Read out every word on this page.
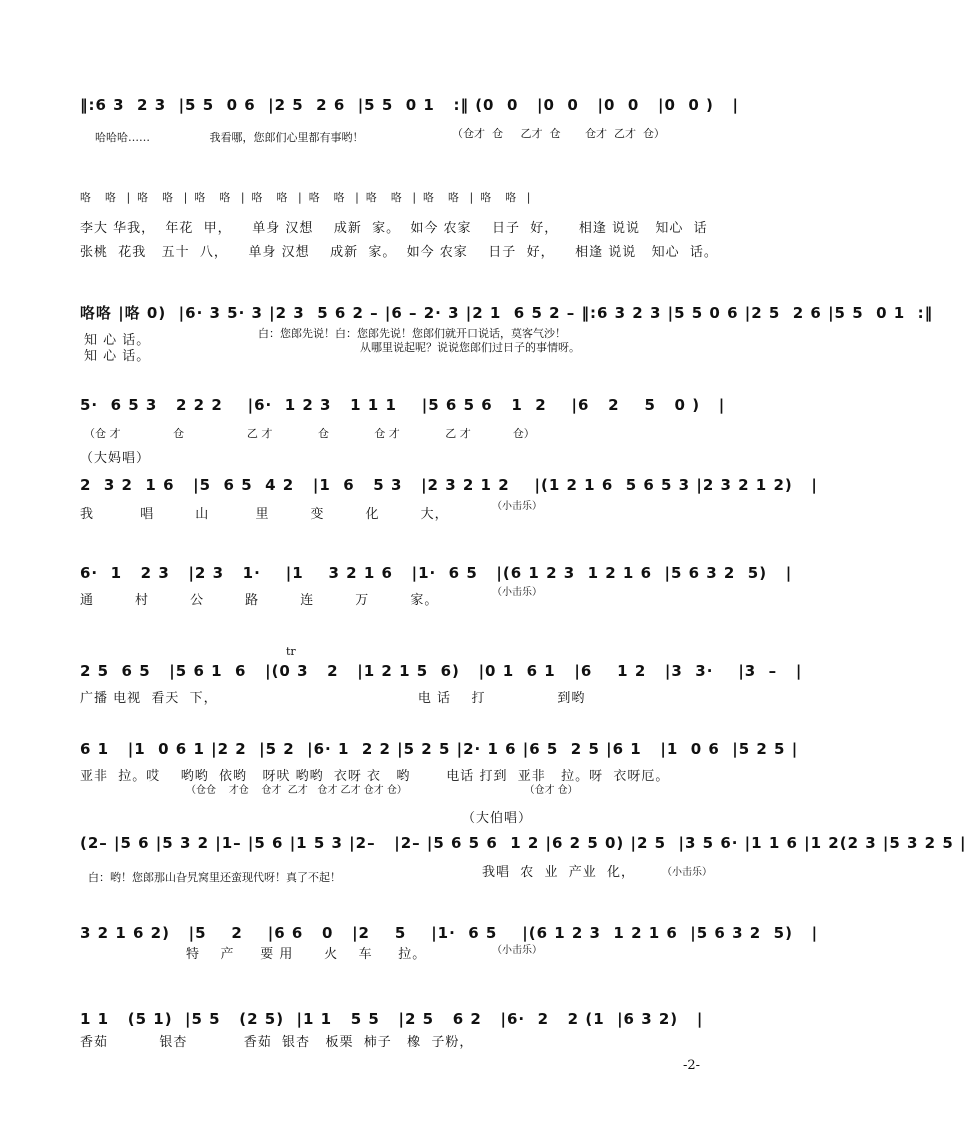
‖:6 3  2 3  |5 5  0 6  |2 5  2 6  |5 5  0 1   :‖ (0  0   |0  0   |0  0   |0  0 )   |
哈哈哈……                 我看哪，您郎们心里都有事哟！	（仓才  仓     乙才  仓       仓才  乙才  仓）
咯    咯   |  咯    咯   |  咯    咯   |  咯    咯   |  咯    咯   |  咯    咯   |  咯    咯   |  咯    咯   |
李大 华我，  年花  甲，    单身 汉想    成新  家。  如今 农家    日子  好，    相逢 说说   知心  话
张桃  花我   五十  八，    单身 汉想    成新  家。  如今 农家    日子  好，    相逢 说说   知心  话。
咯咯 |咯 0)  |6· 3 5· 3 |2 3  5 6 2 – |6 – 2· 3 |2 1  6 5 2 – ‖:6 3 2 3 |5 5 0 6 |2 5  2 6 |5 5  0 1  :‖
白：您郎先说！白：您郎先说！您郎们就开口说话，莫客气沙！
从哪里说起呢？说说您郎们过日子的事情呀。
知 心 话。
知 心 话。
5·  6 5 3   2 2 2    |6·  1 2 3   1 1 1    |5 6 5 6   1  2    |6   2    5   0 )   |
（仓 才               仓                  乙 才             仓             仓 才             乙 才            仓）
（大妈唱）
2  3 2  1 6   |5  6 5  4 2   |1  6   5 3   |2 3 2 1 2    |(1 2 1 6  5 6 5 3 |2 3 2 1 2)   |
我         唱        山         里        变        化        大，
（小击乐）
6·  1   2 3   |2 3   1·    |1    3 2 1 6   |1·  6 5   |(6 1 2 3  1 2 1 6  |5 6 3 2  5)   |
通        村        公        路        连        万        家。
（小击乐）
tr
2 5  6 5   |5 6 1  6   |(0 3   2   |1 2 1 5  6)   |0 1  6 1   |6    1 2   |3  3·    |3  –   |
广播 电视  看天  下，                                       电 话    打              到哟
6 1   |1  0 6 1 |2 2  |5 2  |6· 1  2 2 |5 2 5 |2· 1 6 |6 5  2 5 |6 1   |1  0 6  |5 2 5 |
亚非  拉。哎    哟哟  依哟   呀吠 哟哟  衣呀 衣   哟       电话 打到  亚非   拉。呀  衣呀厄。
（仓仓    才仓    仓才  乙才   仓才 乙才 仓才 仓）                                     （仓才 仓）
（大伯唱）
(2– |5 6 |5 3 2 |1– |5 6 |1 5 3 |2–   |2– |5 6 5 6  1 2 |6 2 5 0) |2 5  |3 5 6· |1 1 6 |1 2(2 3 |5 3 2 5 |
我唱  农  业  产业  化，	（小击乐）
白：哟！您郎那山旮旯窝里还蛮现代呀！真了不起！
3 2 1 6 2)   |5    2    |6 6   0   |2    5    |1·  6 5    |(6 1 2 3  1 2 1 6  |5 6 3 2  5)   |
特    产     要 用      火    车     拉。	（小击乐）
1 1   (5 1)  |5 5   (2 5)  |1 1   5 5   |2 5   6 2   |6·  2   2 (1  |6 3 2)   |
香茹          银杏           香茹  银杏   板栗  柿子   橡  子粉，
-2-
